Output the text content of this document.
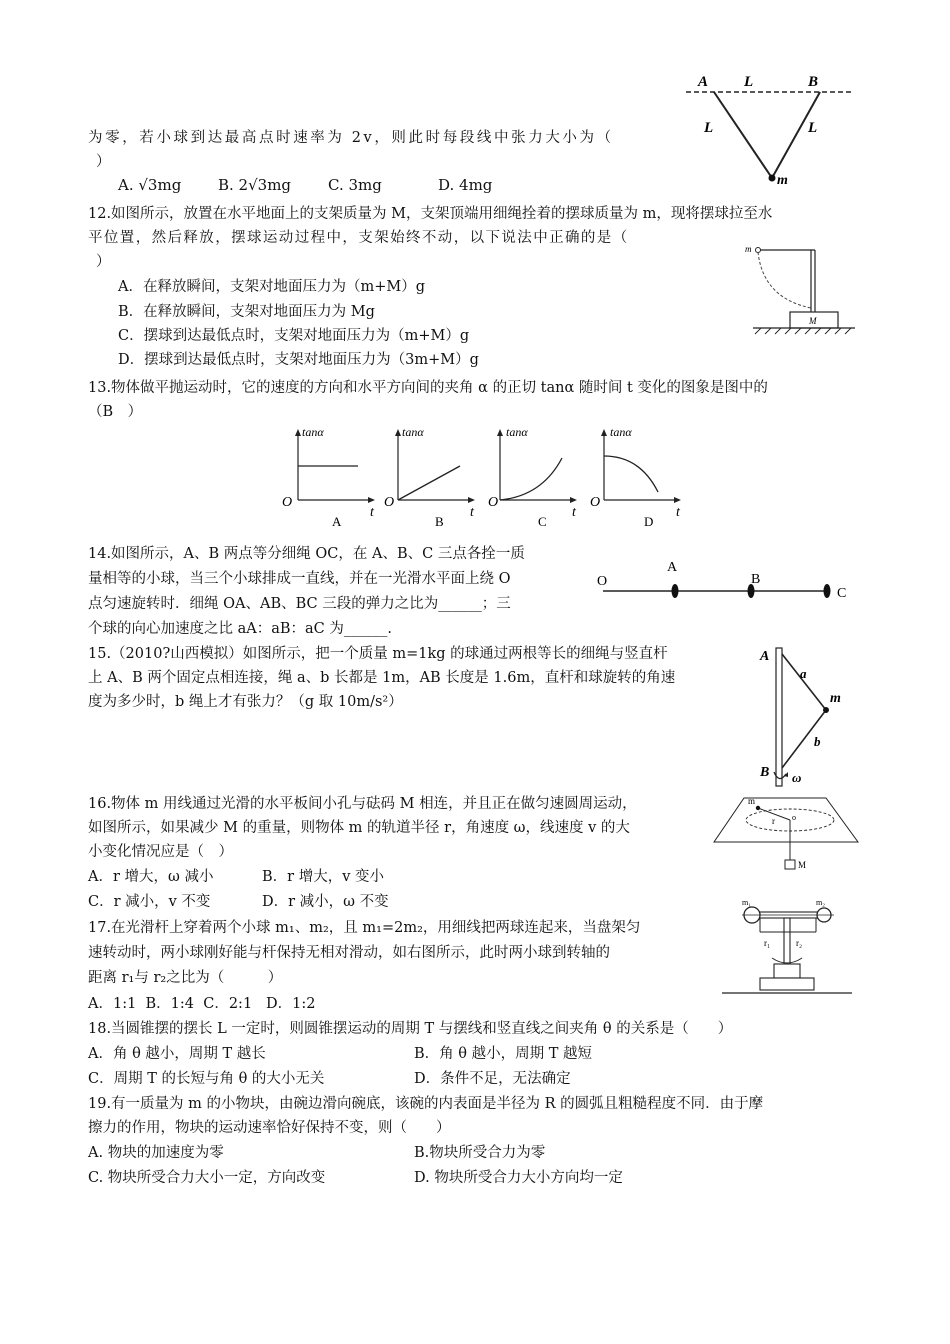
A L	B
L	L
m
为零，若小球到达最高点时速率为 2v，则此时每段线中张力大小为（
）
A. √3mg B. 2√3mg C. 3mg	D. 4mg
12.如图所示，放置在水平地面上的支架质量为 M，支架顶端用细绳拴着的摆球质量为 m，现将摆球拉至水
平位置，然后释放，摆球运动过程中，支架始终不动，以下说法中正确的是（
）
A．在释放瞬间，支架对地面压力为（m+M）g
B．在释放瞬间，支架对地面压力为 Mg
C．摆球到达最低点时，支架对地面压力为（m+M）g
D．摆球到达最低点时，支架对地面压力为（3m+M）g
m
M
13.物体做平抛运动时，它的速度的方向和水平方向间的夹角 α 的正切 tanα 随时间 t 变化的图象是图中的
（B　）
tanα
O
t
A
tanα
O
t
B
tanα
O
t
C
tanα
O
t
D
14.如图所示，A、B 两点等分细绳 OC，在 A、B、C 三点各拴一质
量相等的小球，当三个小球排成一直线，并在一光滑水平面上绕 O
点匀速旋转时．细绳 OA、AB、BC 三段的弹力之比为______；三
个球的向心加速度之比 aA：aB：aC 为______.
O
A
B
C
15.（2010?山西模拟）如图所示，把一个质量 m=1kg 的球通过两根等长的细绳与竖直杆
上 A、B 两个固定点相连接，绳 a、b 长都是 1m，AB 长度是 1.6m，直杆和球旋转的角速
度为多少时，b 绳上才有张力？（g 取 10m/s²）
A
a
m
b
B ω
16.物体 m 用线通过光滑的水平板间小孔与砝码 M 相连，并且正在做匀速圆周运动，
如图所示，如果减少 M 的重量，则物体 m 的轨道半径 r，角速度 ω，线速度 v 的大
小变化情况应是（　）
A．r 增大，ω 减小	B．r 增大，v 变小
C．r 减小，v 不变	D．r 减小，ω 不变
m
r o
M
17.在光滑杆上穿着两个小球 m₁、m₂，且 m₁=2m₂，用细线把两球连起来，当盘架匀
速转动时，两小球刚好能与杆保持无相对滑动，如右图所示，此时两小球到转轴的
距离 r₁与 r₂之比为（　　　）
A．1:1  B．1:4  C．2:1   D．1:2
m₁	m₂
r₁	r₂
18.当圆锥摆的摆长 L 一定时，则圆锥摆运动的周期 T 与摆线和竖直线之间夹角 θ 的关系是（　　）
A．角 θ 越小，周期 T 越长	B．角 θ 越小，周期 T 越短
C．周期 T 的长短与角 θ 的大小无关	D．条件不足，无法确定
19.有一质量为 m 的小物块，由碗边滑向碗底，该碗的内表面是半径为 R 的圆弧且粗糙程度不同．由于摩
擦力的作用，物块的运动速率恰好保持不变，则（　　）
A. 物块的加速度为零	B.物块所受合力为零
C. 物块所受合力大小一定，方向改变	D. 物块所受合力大小方向均一定
